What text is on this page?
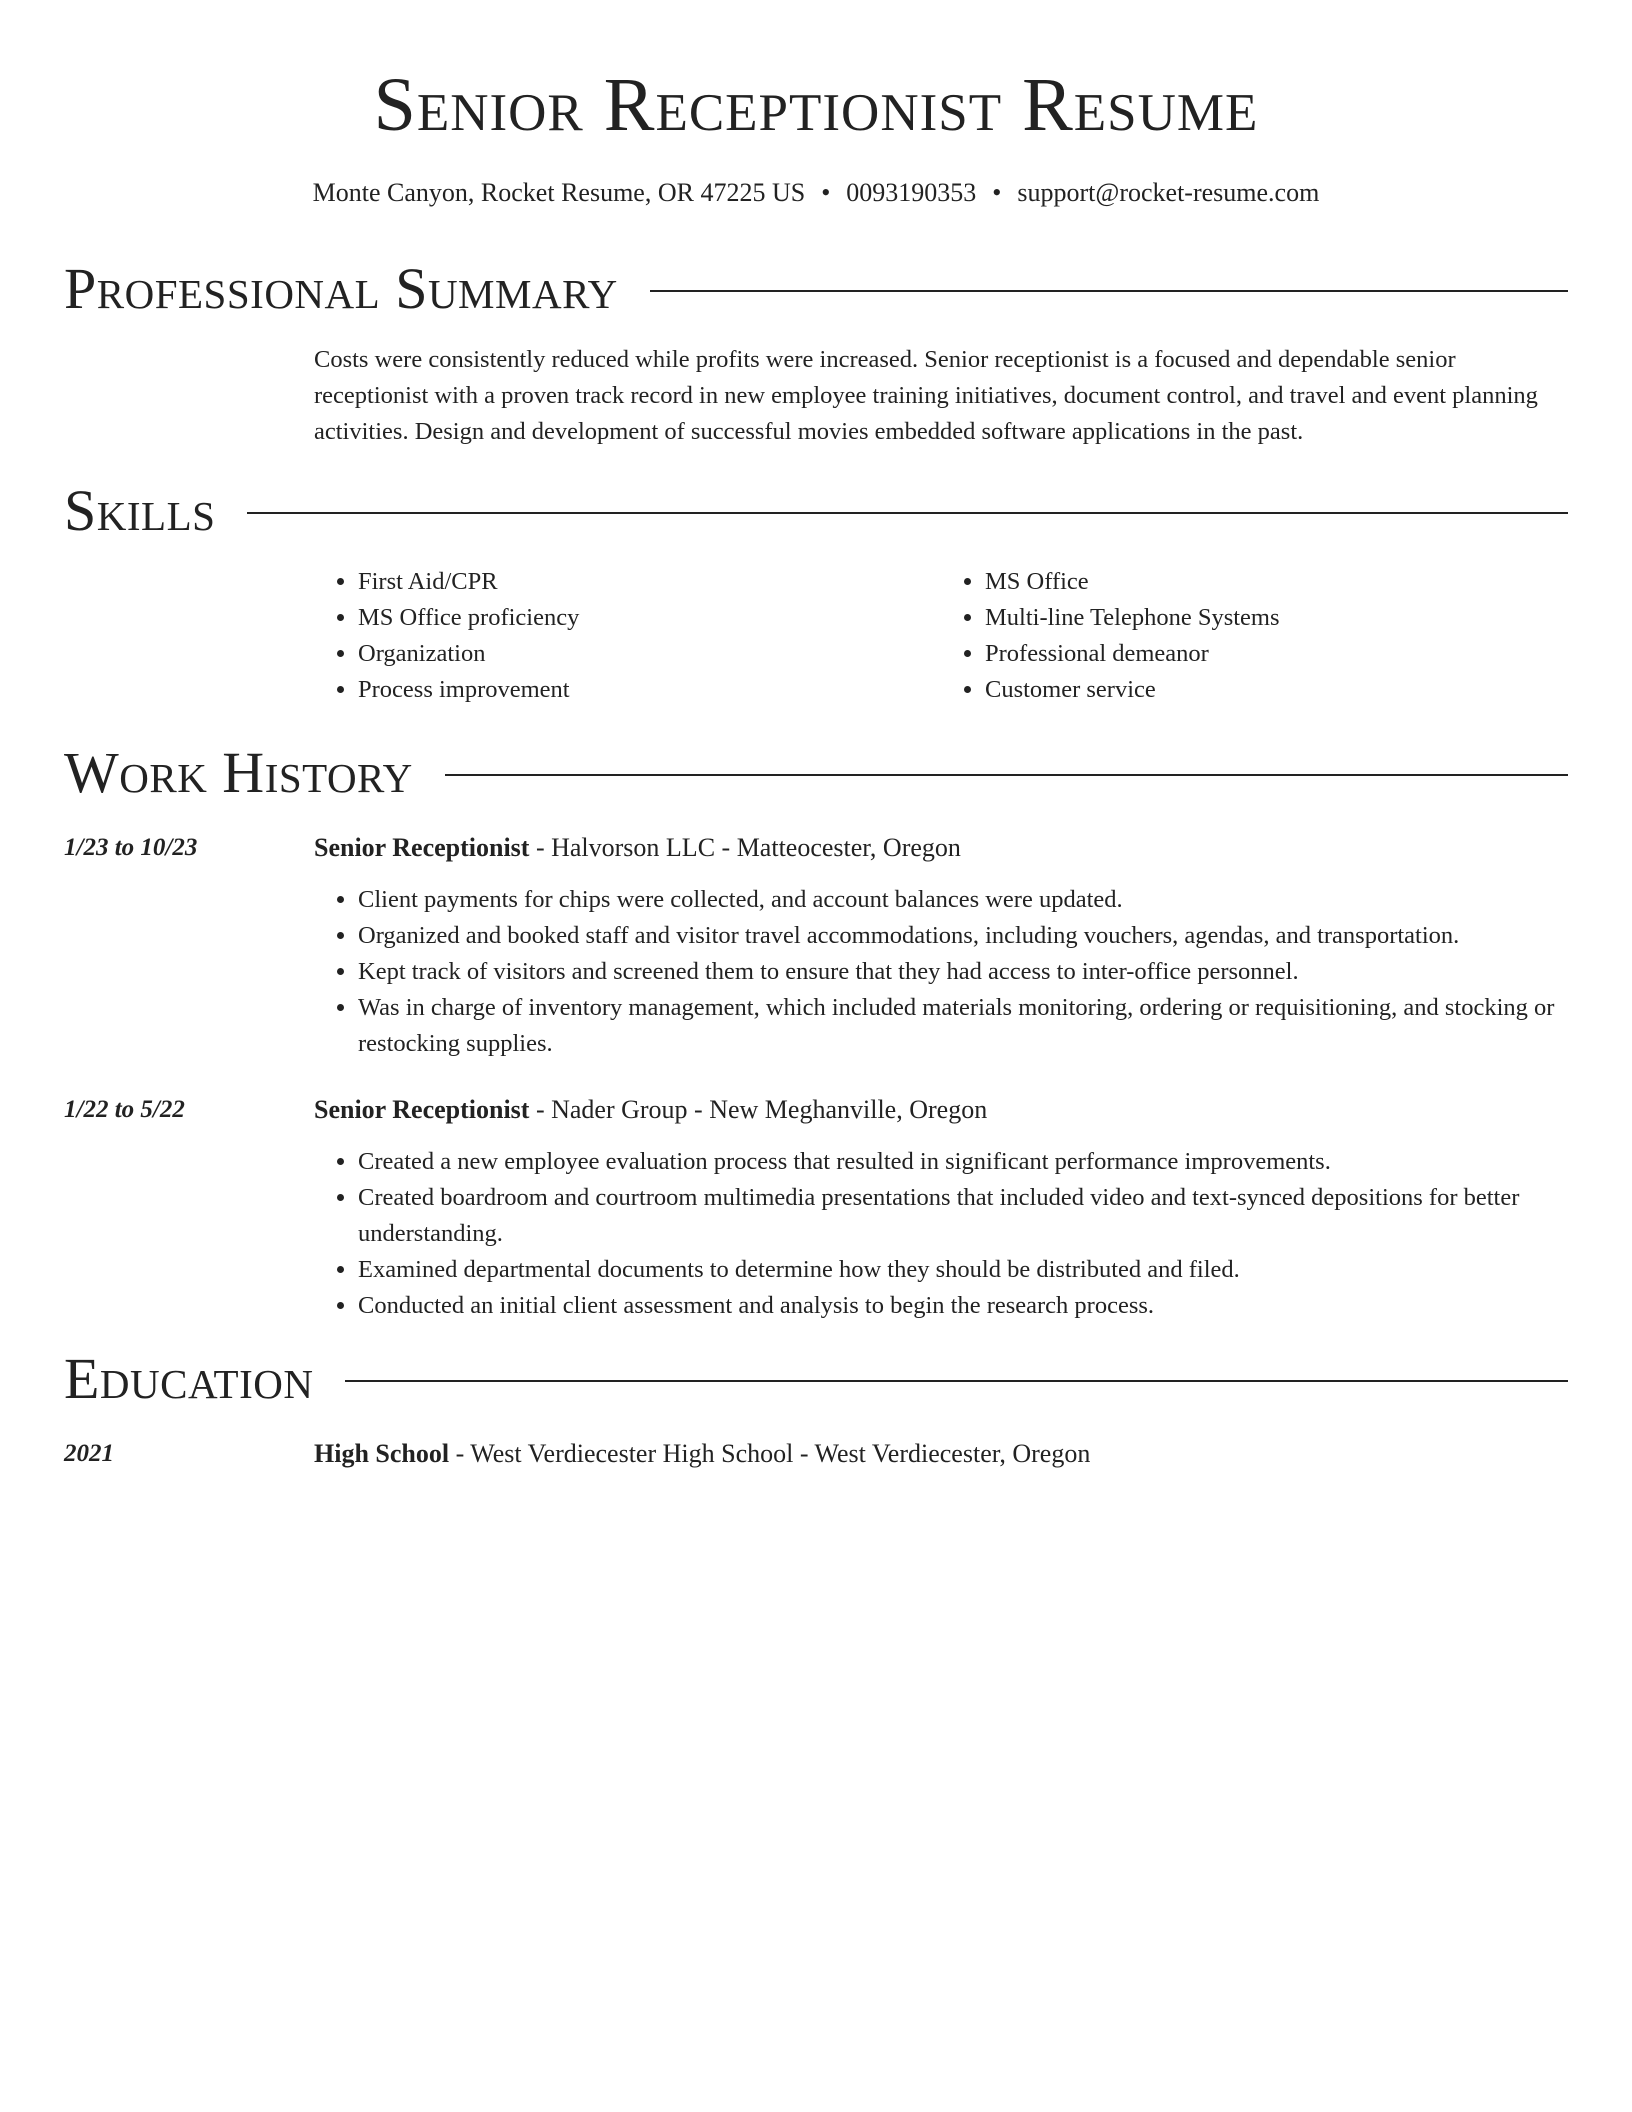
Senior Receptionist Resume
Monte Canyon, Rocket Resume, OR 47225 US • 0093190353 • support@rocket-resume.com
Professional Summary

Costs were consistently reduced while profits were increased. Senior receptionist is a focused and dependable senior receptionist with a proven track record in new employee training initiatives, document control, and travel and event planning activities. Design and development of successful movies embedded software applications in the past.

Skills
• First Aid/CPR
• MS Office proficiency
• Organization
• Process improvement
• MS Office
• Multi-line Telephone Systems
• Professional demeanor
• Customer service
Work History
1/23 to 10/23	Senior Receptionist - Halvorson LLC - Matteocester, Oregon
• Client payments for chips were collected, and account balances were updated.
• Organized and booked staff and visitor travel accommodations, including vouchers, agendas, and transportation.
• Kept track of visitors and screened them to ensure that they had access to inter-office personnel.
• Was in charge of inventory management, which included materials monitoring, ordering or requisitioning, and stocking or restocking supplies.
1/22 to 5/22	Senior Receptionist - Nader Group - New Meghanville, Oregon
• Created a new employee evaluation process that resulted in significant performance improvements.
• Created boardroom and courtroom multimedia presentations that included video and text-synced depositions for better understanding.
• Examined departmental documents to determine how they should be distributed and filed.
• Conducted an initial client assessment and analysis to begin the research process.
Education
2021	High School - West Verdiecester High School - West Verdiecester, Oregon
